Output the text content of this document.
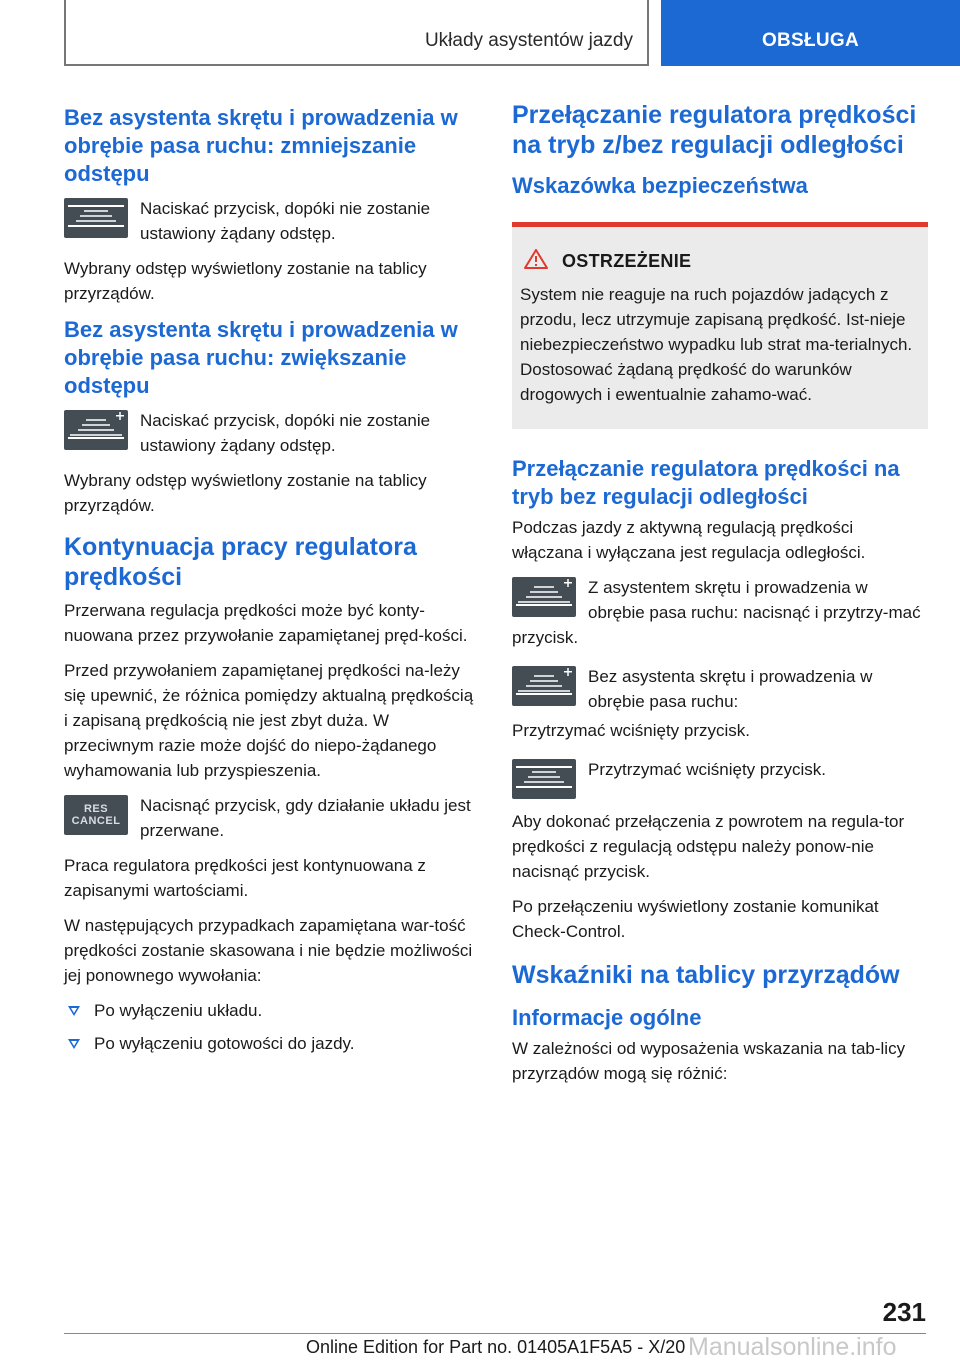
Układy asystentów jazdy	OBSŁUGA
Bez asystenta skrętu i prowadzenia w obrębie pasa ruchu: zmniejszanie odstępu
Naciskać przycisk, dopóki nie zostanie ustawiony żądany odstęp.

Wybrany odstęp wyświetlony zostanie na tablicy przyrządów.

Bez asystenta skrętu i prowadzenia w obrębie pasa ruchu: zwiększanie odstępu
Naciskać przycisk, dopóki nie zostanie ustawiony żądany odstęp.

Wybrany odstęp wyświetlony zostanie na tablicy przyrządów.

Kontynuacja pracy regulatora prędkości

Przerwana regulacja prędkości może być konty-nuowana przez przywołanie zapamiętanej pręd-kości.

Przed przywołaniem zapamiętanej prędkości na-leży się upewnić, że różnica pomiędzy aktualną prędkością i zapisaną prędkością nie jest zbyt duża. W przeciwnym razie może dojść do niepo-żądanego wyhamowania lub przyspieszenia.

RES
CANCEL
Nacisnąć przycisk, gdy działanie układu jest przerwane.

Praca regulatora prędkości jest kontynuowana z zapisanymi wartościami.

W następujących przypadkach zapamiętana war-tość prędkości zostanie skasowana i nie będzie możliwości jej ponownego wywołania:

Po wyłączeniu układu.
Po wyłączeniu gotowości do jazdy.
Przełączanie regulatora prędkości na tryb z/bez regulacji odległości
Wskazówka bezpieczeństwa
OSTRZEŻENIE

System nie reaguje na ruch pojazdów jadących z przodu, lecz utrzymuje zapisaną prędkość. Ist-nieje niebezpieczeństwo wypadku lub strat ma-terialnych. Dostosować żądaną prędkość do warunków drogowych i ewentualnie zahamo-wać.

Przełączanie regulatora prędkości na tryb bez regulacji odległości

Podczas jazdy z aktywną regulacją prędkości włączana i wyłączana jest regulacja odległości.

Z asystentem skrętu i prowadzenia w obrębie pasa ruchu: nacisnąć i przytrzy-mać przycisk.
Bez asystenta skrętu i prowadzenia w obrębie pasa ruchu:

Przytrzymać wciśnięty przycisk.

Przytrzymać wciśnięty przycisk.

Aby dokonać przełączenia z powrotem na regula-tor prędkości z regulacją odstępu należy ponow-nie nacisnąć przycisk.

Po przełączeniu wyświetlony zostanie komunikat Check-Control.

Wskaźniki na tablicy przyrządów
Informacje ogólne

W zależności od wyposażenia wskazania na tab-licy przyrządów mogą się różnić:

231
Online Edition for Part no. 01405A1F5A5 - X/20 Manualsonline.info
